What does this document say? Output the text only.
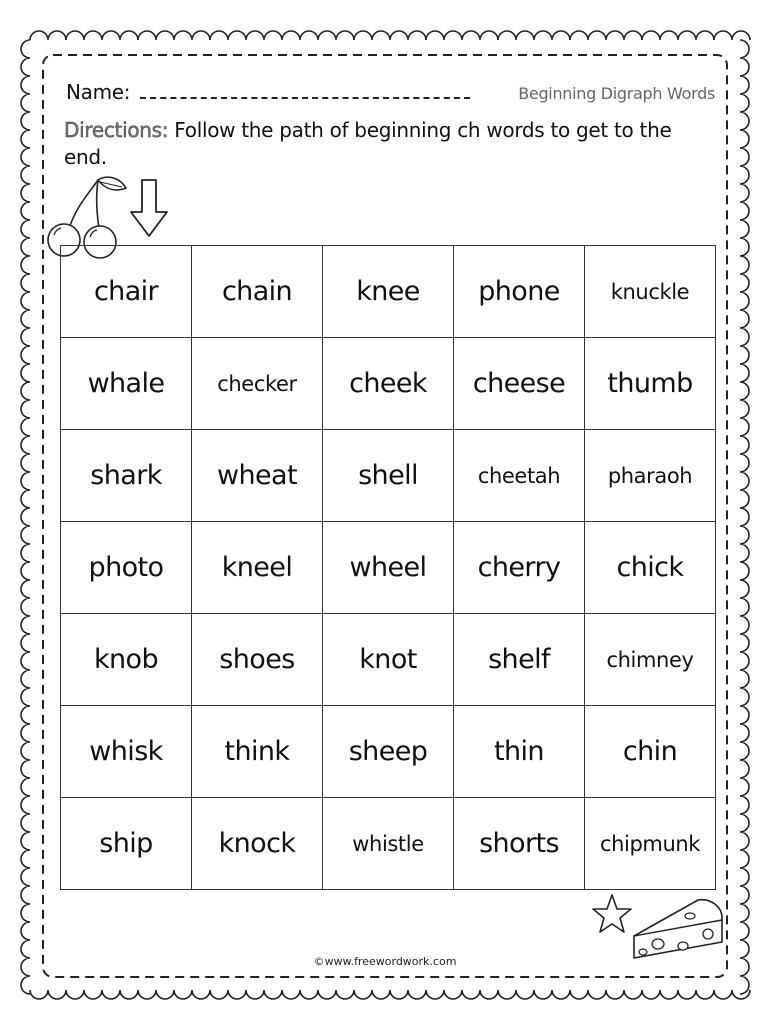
Name:	Beginning Digraph Words
Directions: Follow the path of beginning ch words to get to the end.
chair	chain	knee	phone	knuckle
whale	checker	cheek	cheese	thumb
shark	wheat	shell	cheetah	pharaoh
photo	kneel	wheel	cherry	chick
knob	shoes	knot	shelf	chimney
whisk	think	sheep	thin	chin
ship	knock	whistle	shorts	chipmunk
©www.freewordwork.com
